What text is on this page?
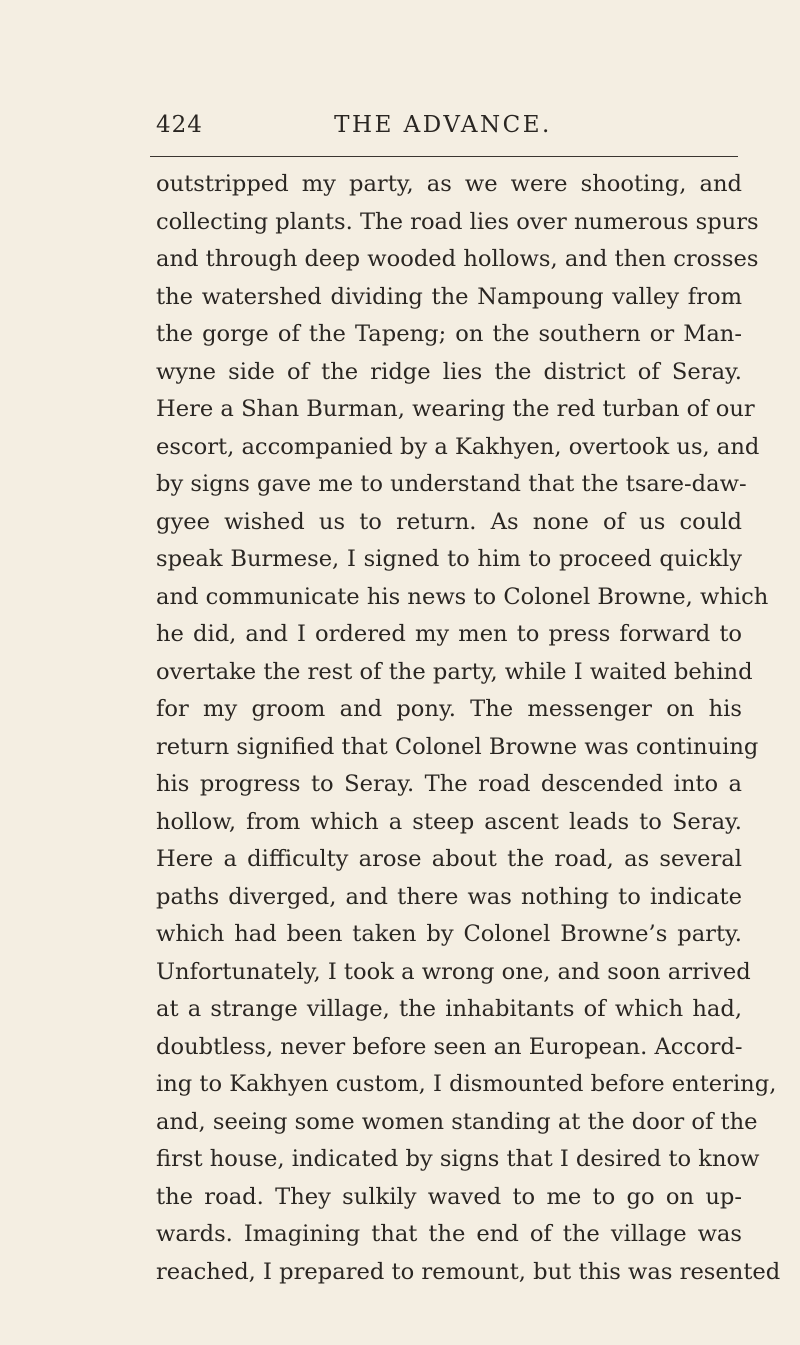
424	THE ADVANCE.
outstripped my party, as we were shooting, and
collecting plants. The road lies over numerous spurs
and through deep wooded hollows, and then crosses
the watershed dividing the Nampoung valley from
the gorge of the Tapeng; on the southern or Man-
wyne side of the ridge lies the district of Seray.
Here a Shan Burman, wearing the red turban of our
escort, accompanied by a Kakhyen, overtook us, and
by signs gave me to understand that the tsare-daw-
gyee wished us to return. As none of us could
speak Burmese, I signed to him to proceed quickly
and communicate his news to Colonel Browne, which
he did, and I ordered my men to press forward to
overtake the rest of the party, while I waited behind
for my groom and pony. The messenger on his
return signified that Colonel Browne was continuing
his progress to Seray. The road descended into a
hollow, from which a steep ascent leads to Seray.
Here a difficulty arose about the road, as several
paths diverged, and there was nothing to indicate
which had been taken by Colonel Browne’s party.
Unfortunately, I took a wrong one, and soon arrived
at a strange village, the inhabitants of which had,
doubtless, never before seen an European. Accord-
ing to Kakhyen custom, I dismounted before entering,
and, seeing some women standing at the door of the
first house, indicated by signs that I desired to know
the road. They sulkily waved to me to go on up-
wards. Imagining that the end of the village was
reached, I prepared to remount, but this was resented
